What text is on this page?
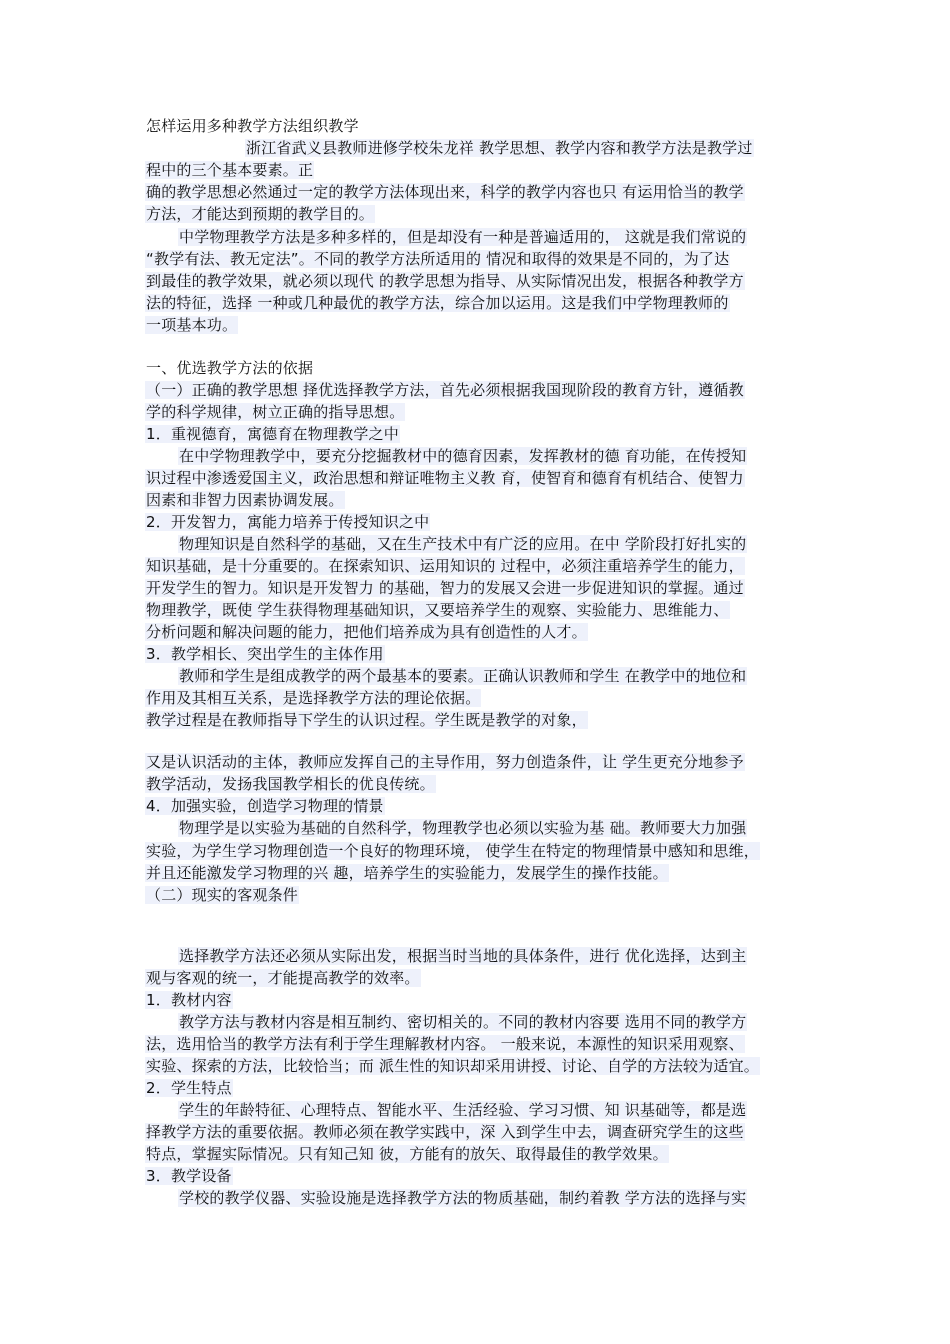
怎样运用多种教学方法组织教学
浙江省武义县教师进修学校朱龙祥 教学思想、教学内容和教学方法是教学过
程中的三个基本要素。正
确的教学思想必然通过一定的教学方法体现出来，科学的教学内容也只 有运用恰当的教学
方法，才能达到预期的教学目的。
中学物理教学方法是多种多样的，但是却没有一种是普遍适用的， 这就是我们常说的
“教学有法、教无定法”。不同的教学方法所适用的 情况和取得的效果是不同的，为了达
到最佳的教学效果，就必须以现代 的教学思想为指导、从实际情况出发，根据各种教学方
法的特征，选择 一种或几种最优的教学方法，综合加以运用。这是我们中学物理教师的
一项基本功。
一、优选教学方法的依据
（一）正确的教学思想 择优选择教学方法，首先必须根据我国现阶段的教育方针，遵循教
学的科学规律，树立正确的指导思想。
1．重视德育，寓德育在物理教学之中
在中学物理教学中，要充分挖掘教材中的德育因素，发挥教材的德 育功能，在传授知
识过程中渗透爱国主义，政治思想和辩证唯物主义教 育，使智育和德育有机结合、使智力
因素和非智力因素协调发展。
2．开发智力，寓能力培养于传授知识之中
物理知识是自然科学的基础，又在生产技术中有广泛的应用。在中 学阶段打好扎实的
知识基础，是十分重要的。在探索知识、运用知识的 过程中，必须注重培养学生的能力，
开发学生的智力。知识是开发智力 的基础，智力的发展又会进一步促进知识的掌握。通过
物理教学，既使 学生获得物理基础知识，又要培养学生的观察、实验能力、思维能力、
分析问题和解决问题的能力，把他们培养成为具有创造性的人才。
3．教学相长、突出学生的主体作用
教师和学生是组成教学的两个最基本的要素。正确认识教师和学生 在教学中的地位和
作用及其相互关系，是选择教学方法的理论依据。
教学过程是在教师指导下学生的认识过程。学生既是教学的对象，
又是认识活动的主体，教师应发挥自己的主导作用，努力创造条件，让 学生更充分地参予
教学活动，发扬我国教学相长的优良传统。
4．加强实验，创造学习物理的情景
物理学是以实验为基础的自然科学，物理教学也必须以实验为基 础。教师要大力加强
实验，为学生学习物理创造一个良好的物理环境， 使学生在特定的物理情景中感知和思维，
并且还能激发学习物理的兴 趣，培养学生的实验能力，发展学生的操作技能。
（二）现实的客观条件
选择教学方法还必须从实际出发，根据当时当地的具体条件，进行 优化选择，达到主
观与客观的统一，才能提高教学的效率。
1．教材内容
教学方法与教材内容是相互制约、密切相关的。不同的教材内容要 选用不同的教学方
法，选用恰当的教学方法有利于学生理解教材内容。 一般来说，本源性的知识采用观察、
实验、探索的方法，比较恰当；而 派生性的知识却采用讲授、讨论、自学的方法较为适宜。
2．学生特点
学生的年龄特征、心理特点、智能水平、生活经验、学习习惯、知 识基础等，都是选
择教学方法的重要依据。教师必须在教学实践中，深 入到学生中去，调查研究学生的这些
特点，掌握实际情况。只有知己知 彼，方能有的放矢、取得最佳的教学效果。
3．教学设备
学校的教学仪器、实验设施是选择教学方法的物质基础，制约着教 学方法的选择与实
